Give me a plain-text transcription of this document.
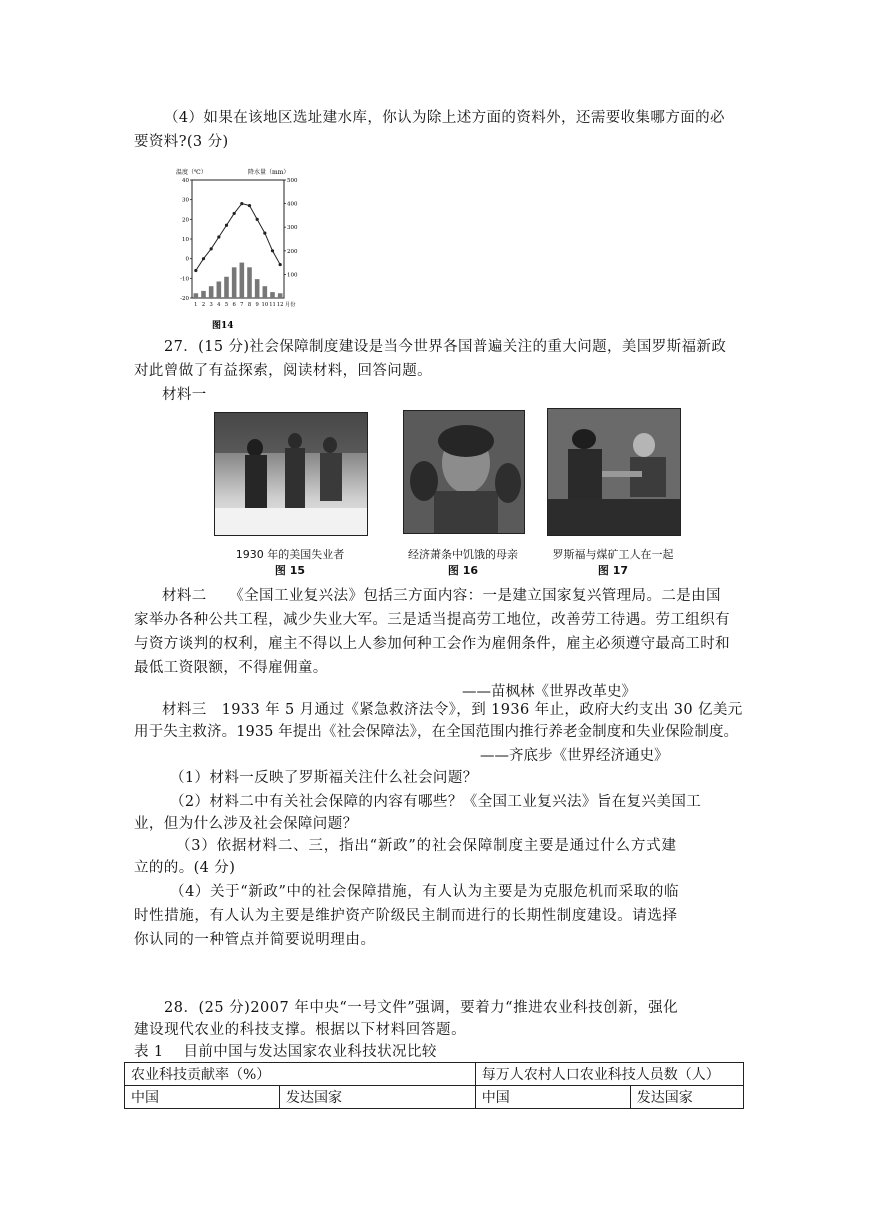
（4）如果在该地区选址建水库，你认为除上述方面的资料外，还需要收集哪方面的必
要资料?(3 分)
温度（℃）	降水量（mm）
40
30
20
10
0
-10
-20
500
400
300
200
100
1 2 3 4 5 6 7 8 9 10 11 12 月份
图14
27．(15 分)社会保障制度建设是当今世界各国普遍关注的重大问题，美国罗斯福新政
对此曾做了有益探索，阅读材料，回答问题。
材料一
1930 年的美国失业者
图 15
经济萧条中饥饿的母亲
图 16
罗斯福与煤矿工人在一起
图 17
材料二　　《全国工业复兴法》包括三方面内容：一是建立国家复兴管理局。二是由国
家举办各种公共工程，减少失业大军。三是适当提高劳工地位，改善劳工待遇。劳工组织有
与资方谈判的权利，雇主不得以上人参加何种工会作为雇佣条件，雇主必须遵守最高工时和
最低工资限额，不得雇佣童。
——苗枫林《世界改革史》
材料三　1933 年 5 月通过《紧急救济法令》，到 1936 年止，政府大约支出 30 亿美元
用于失主救济。1935 年提出《社会保障法》，在全国范围内推行养老金制度和失业保险制度。
——齐底步《世界经济通史》
（1）材料一反映了罗斯福关注什么社会问题？
（2）材料二中有关社会保障的内容有哪些？《全国工业复兴法》旨在复兴美国工
业，但为什么涉及社会保障问题？
（3）依据材料二、三，指出“新政”的社会保障制度主要是通过什么方式建
立的的。(4 分)
（4）关于“新政”中的社会保障措施，有人认为主要是为克服危机而采取的临
时性措施，有人认为主要是维护资产阶级民主制而进行的长期性制度建设。请选择
你认同的一种管点并简要说明理由。
28．(25 分)2007 年中央“一号文件”强调，要着力“推进农业科技创新，强化
建设现代农业的科技支撑。根据以下材料回答题。
表 1　 目前中国与发达国家农业科技状况比较
农业科技贡献率（%）		每万人农村人口农业科技人员数（人）	
中国	发达国家	中国	发达国家
